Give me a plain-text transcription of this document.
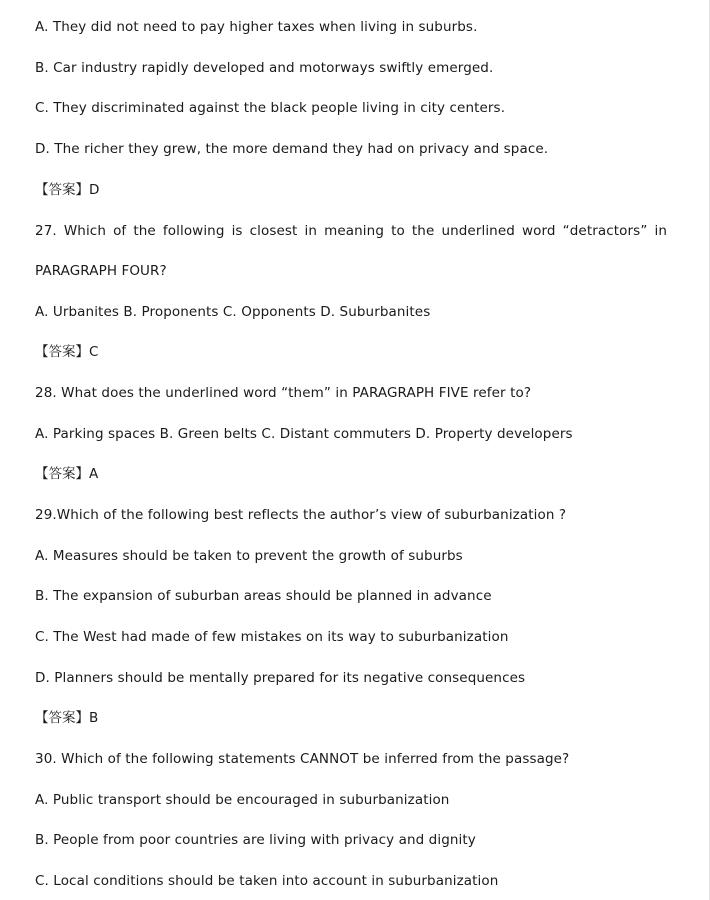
A. They did not need to pay higher taxes when living in suburbs.
B. Car industry rapidly developed and motorways swiftly emerged.
C. They discriminated against the black people living in city centers.
D. The richer they grew, the more demand they had on privacy and space.
【答案】D
27. Which of the following is closest in meaning to the underlined word “detractors” in
PARAGRAPH FOUR?
A. Urbanites B. Proponents C. Opponents D. Suburbanites
【答案】C
28. What does the underlined word “them” in PARAGRAPH FIVE refer to?
A. Parking spaces B. Green belts C. Distant commuters D. Property developers
【答案】A
29.Which of the following best reflects the author’s view of suburbanization ?
A. Measures should be taken to prevent the growth of suburbs
B. The expansion of suburban areas should be planned in advance
C. The West had made of few mistakes on its way to suburbanization
D. Planners should be mentally prepared for its negative consequences
【答案】B
30. Which of the following statements CANNOT be inferred from the passage?
A. Public transport should be encouraged in suburbanization
B. People from poor countries are living with privacy and dignity
C. Local conditions should be taken into account in suburbanization
